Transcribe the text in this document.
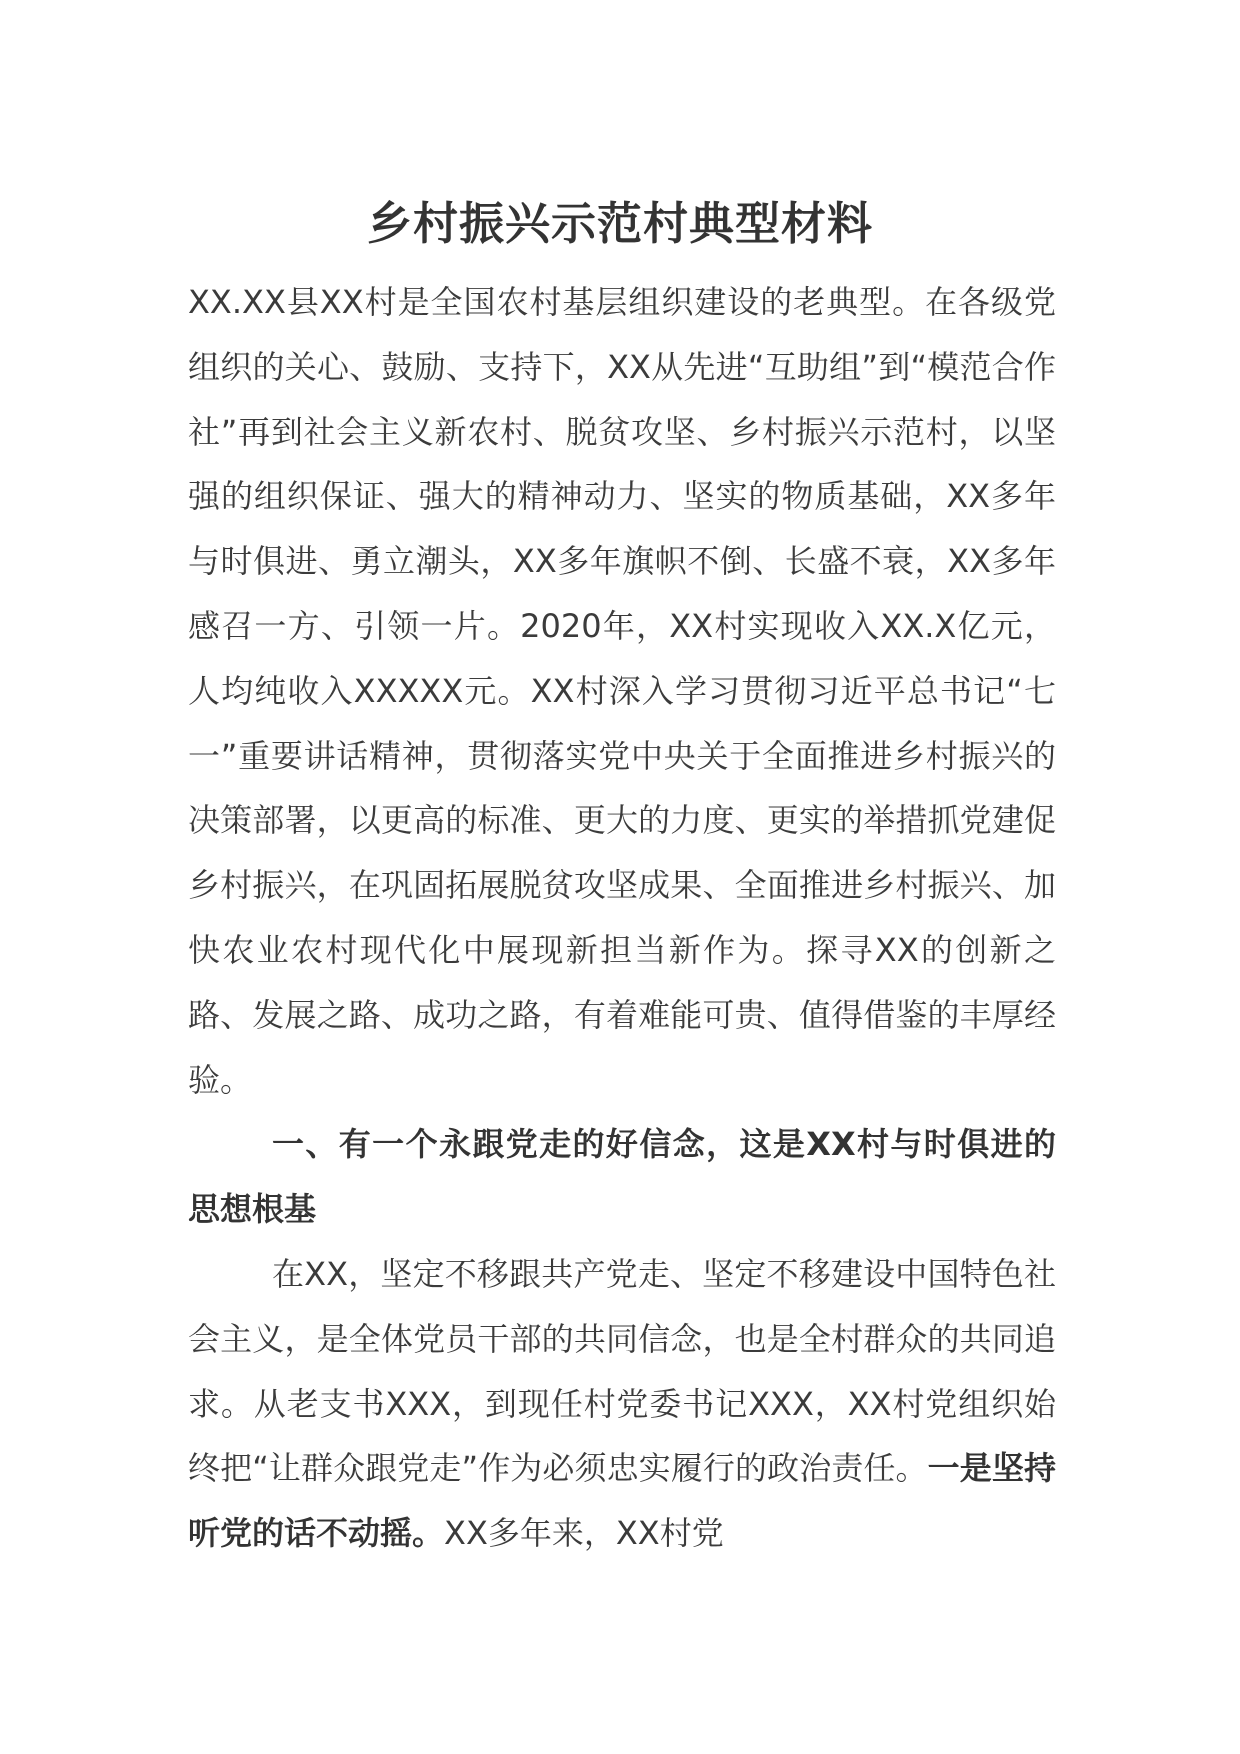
乡村振兴示范村典型材料

XX.XX县XX村是全国农村基层组织建设的老典型。在各级党组织的关心、鼓励、支持下，XX从先进“互助组”到“模范合作社”再到社会主义新农村、脱贫攻坚、乡村振兴示范村，以坚强的组织保证、强大的精神动力、坚实的物质基础，XX多年与时俱进、勇立潮头，XX多年旗帜不倒、长盛不衰，XX多年感召一方、引领一片。2020年，XX村实现收入XX.X亿元，人均纯收入XXXXX元。XX村深入学习贯彻习近平总书记“七一”重要讲话精神，贯彻落实党中央关于全面推进乡村振兴的决策部署，以更高的标准、更大的力度、更实的举措抓党建促乡村振兴，在巩固拓展脱贫攻坚成果、全面推进乡村振兴、加快农业农村现代化中展现新担当新作为。探寻XX的创新之路、发展之路、成功之路，有着难能可贵、值得借鉴的丰厚经验。

一、有一个永跟党走的好信念，这是XX村与时俱进的思想根基

在XX，坚定不移跟共产党走、坚定不移建设中国特色社会主义，是全体党员干部的共同信念，也是全村群众的共同追求。从老支书XXX，到现任村党委书记XXX，XX村党组织始终把“让群众跟党走”作为必须忠实履行的政治责任。一是坚持听党的话不动摇。XX多年来，XX村党
